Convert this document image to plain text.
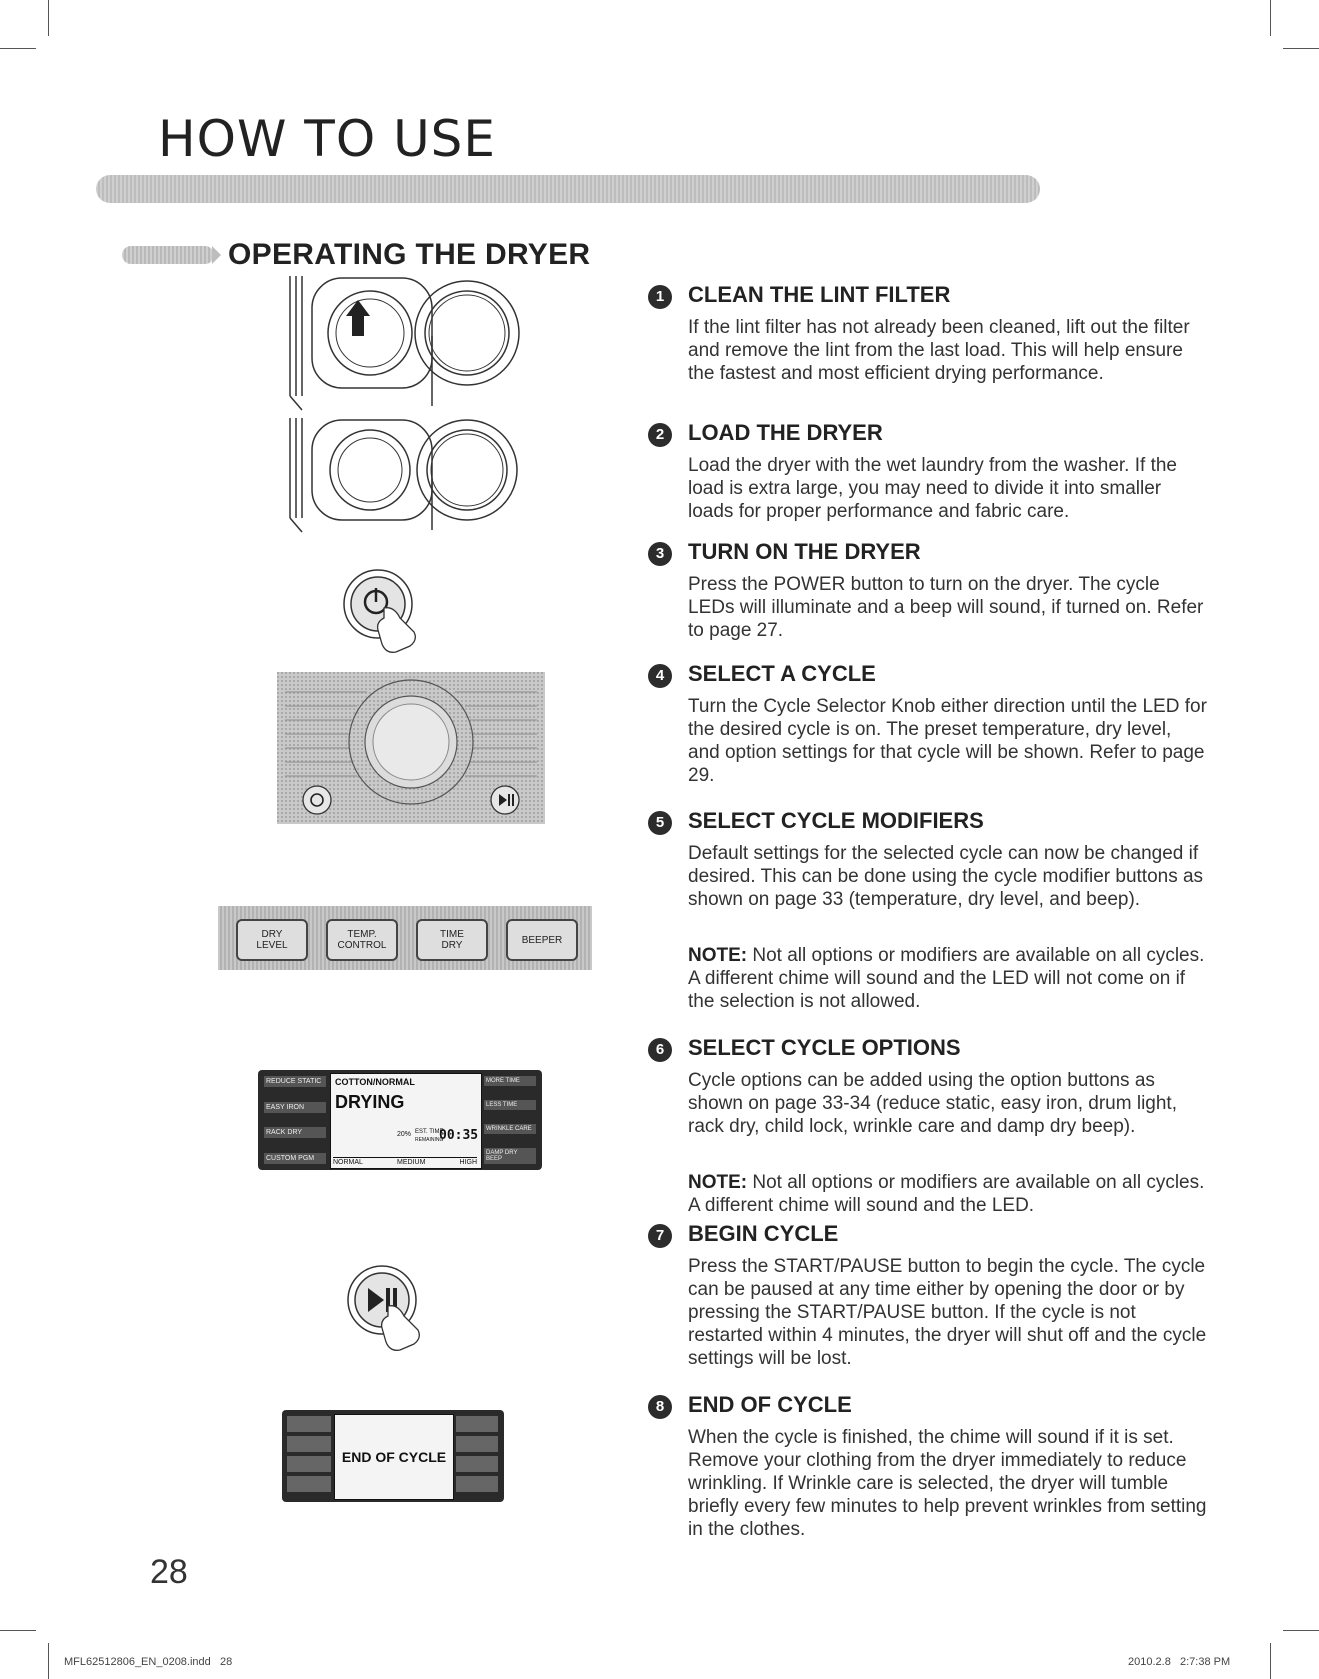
HOW TO USE
OPERATING THE DRYER
DRY LEVEL
TEMP. CONTROL
TIME DRY	BEEPER
REDUCE STATIC
EASY IRON
RACK DRY
CUSTOM PGM
COTTON/NORMAL
DRYING
20% EST. TIME
REMAINING
00:35
NORMAL	MEDIUM	HIGH
MORE TIME
LESS TIME
WRINKLE CARE
DAMP DRY BEEP
END OF CYCLE
1	CLEAN THE LINT FILTER

If the lint filter has not already been cleaned, lift out the filter and remove the lint from the last load. This will help ensure the fastest and most efficient drying performance.

2	LOAD THE DRYER

Load the dryer with the wet laundry from the washer. If the load is extra large, you may need to divide it into smaller loads for proper performance and fabric care.

3	TURN ON THE DRYER

Press the POWER button to turn on the dryer. The cycle LEDs will illuminate and a beep will sound, if turned on. Refer to page 27.

4	SELECT A CYCLE

Turn the Cycle Selector Knob either direction until the LED for the desired cycle is on. The preset temperature, dry level, and option settings for that cycle will be shown. Refer to page 29.

5	SELECT CYCLE MODIFIERS

Default settings for the selected cycle can now be changed if desired. This can be done using the cycle modifier buttons as shown on page 33 (temperature, dry level, and beep).

NOTE: Not all options or modifiers are available on all cycles. A different chime will sound and the LED will not come on if the selection is not allowed.

6	SELECT CYCLE OPTIONS

Cycle options can be added using the option buttons as shown on page 33-34 (reduce static, easy iron, drum light, rack dry, child lock, wrinkle care and damp dry beep).

NOTE: Not all options or modifiers are available on all cycles. A different chime will sound and the LED.

7	BEGIN CYCLE

Press the START/PAUSE button to begin the cycle. The cycle can be paused at any time either by opening the door or by pressing the START/PAUSE button. If the cycle is not restarted within 4 minutes, the dryer will shut off and the cycle settings will be lost.

8	END OF CYCLE

When the cycle is finished, the chime will sound if it is set. Remove your clothing from the dryer immediately to reduce wrinkling. If Wrinkle care is selected, the dryer will tumble briefly every few minutes to help prevent wrinkles from setting in the clothes.

28
MFL62512806_EN_0208.indd   28	2010.2.8   2:7:38 PM
